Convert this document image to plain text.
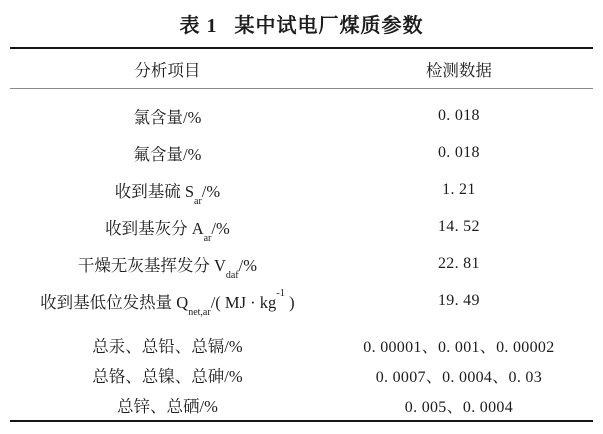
表 1 某中试电厂煤质参数
分析项目	检测数据
氯含量/%	0. 018
氟含量/%	0. 018
收到基硫 $S_{ar}/\%$	1. 21
收到基灰分 $A_{ar}/\%$	14. 52
干燥无灰基挥发分 $V_{daf}/\%$	22. 81
收到基低位发热量 $Q_{net,ar}/$( MJ · $kg^{-1}$ )	19. 49
总汞、总铅、总镉/%	0. 00001、0. 001、0. 00002
总铬、总镍、总砷/%	0. 0007、0. 0004、0. 03
总锌、总硒/%	0. 005、0. 0004
